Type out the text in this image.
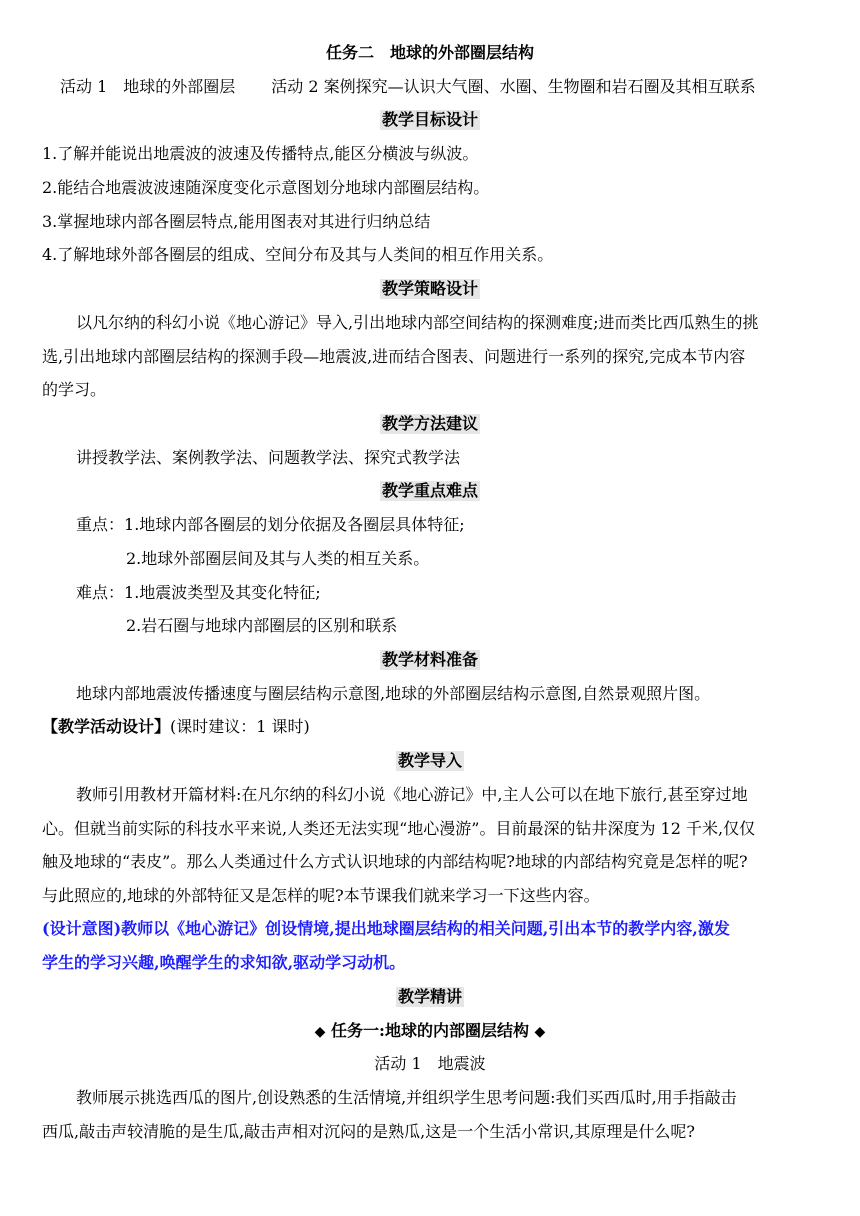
任务二　地球的外部圈层结构
活动 1　地球的外部圈层 活动 2 案例探究—认识大气圈、水圈、生物圈和岩石圈及其相互联系
教学目标设计
1.了解并能说出地震波的波速及传播特点,能区分横波与纵波。
2.能结合地震波波速随深度变化示意图划分地球内部圈层结构。
3.掌握地球内部各圈层特点,能用图表对其进行归纳总结
4.了解地球外部各圈层的组成、空间分布及其与人类间的相互作用关系。
教学策略设计
以凡尔纳的科幻小说《地心游记》导入,引出地球内部空间结构的探测难度;进而类比西瓜熟生的挑
选,引出地球内部圈层结构的探测手段—地震波,进而结合图表、问题进行一系列的探究,完成本节内容
的学习。
教学方法建议
讲授教学法、案例教学法、问题教学法、探究式教学法
教学重点难点
重点：1.地球内部各圈层的划分依据及各圈层具体特征;
2.地球外部圈层间及其与人类的相互关系。
难点：1.地震波类型及其变化特征;
2.岩石圈与地球内部圈层的区别和联系
教学材料准备
地球内部地震波传播速度与圈层结构示意图,地球的外部圈层结构示意图,自然景观照片图。
【教学活动设计】(课时建议：1 课时)
教学导入
教师引用教材开篇材料:在凡尔纳的科幻小说《地心游记》中,主人公可以在地下旅行,甚至穿过地
心。但就当前实际的科技水平来说,人类还无法实现“地心漫游”。目前最深的钻井深度为 12 千米,仅仅
触及地球的“表皮”。那么人类通过什么方式认识地球的内部结构呢?地球的内部结构究竟是怎样的呢?
与此照应的,地球的外部特征又是怎样的呢?本节课我们就来学习一下这些内容。
(设计意图)教师以《地心游记》创设情境,提出地球圈层结构的相关问题,引出本节的教学内容,激发
学生的学习兴趣,唤醒学生的求知欲,驱动学习动机。
教学精讲
◆ 任务一:地球的内部圈层结构 ◆
活动 1　地震波
教师展示挑选西瓜的图片,创设熟悉的生活情境,并组织学生思考问题:我们买西瓜时,用手指敲击
西瓜,敲击声较清脆的是生瓜,敲击声相对沉闷的是熟瓜,这是一个生活小常识,其原理是什么呢?
